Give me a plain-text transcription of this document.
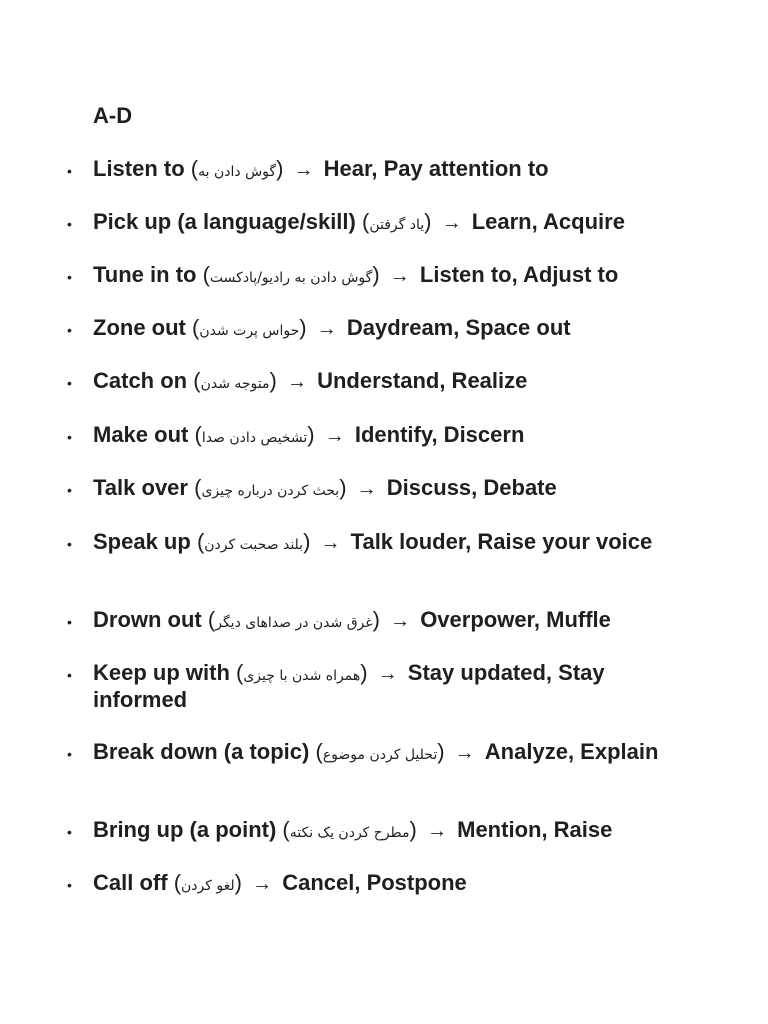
A-D
• Listen to (گوش دادن به) → Hear, Pay attention to
• Pick up (a language/skill) (یاد گرفتن) → Learn, Acquire
• Tune in to (گوش دادن به رادیو/پادکست) → Listen to, Adjust to
• Zone out (حواس پرت شدن) → Daydream, Space out
• Catch on (متوجه شدن) → Understand, Realize
• Make out (تشخیص دادن صدا) → Identify, Discern
• Talk over (بحث کردن درباره چیزی) → Discuss, Debate
• Speak up (بلند صحبت کردن) → Talk louder, Raise your voice
• Drown out (غرق شدن در صداهای دیگر) → Overpower, Muffle
• Keep up with (همراه شدن با چیزی) → Stay updated, Stay informed
• Break down (a topic) (تحلیل کردن موضوع) → Analyze, Explain
• Bring up (a point) (مطرح کردن یک نکته) → Mention, Raise
• Call off (لغو کردن) → Cancel, Postpone
